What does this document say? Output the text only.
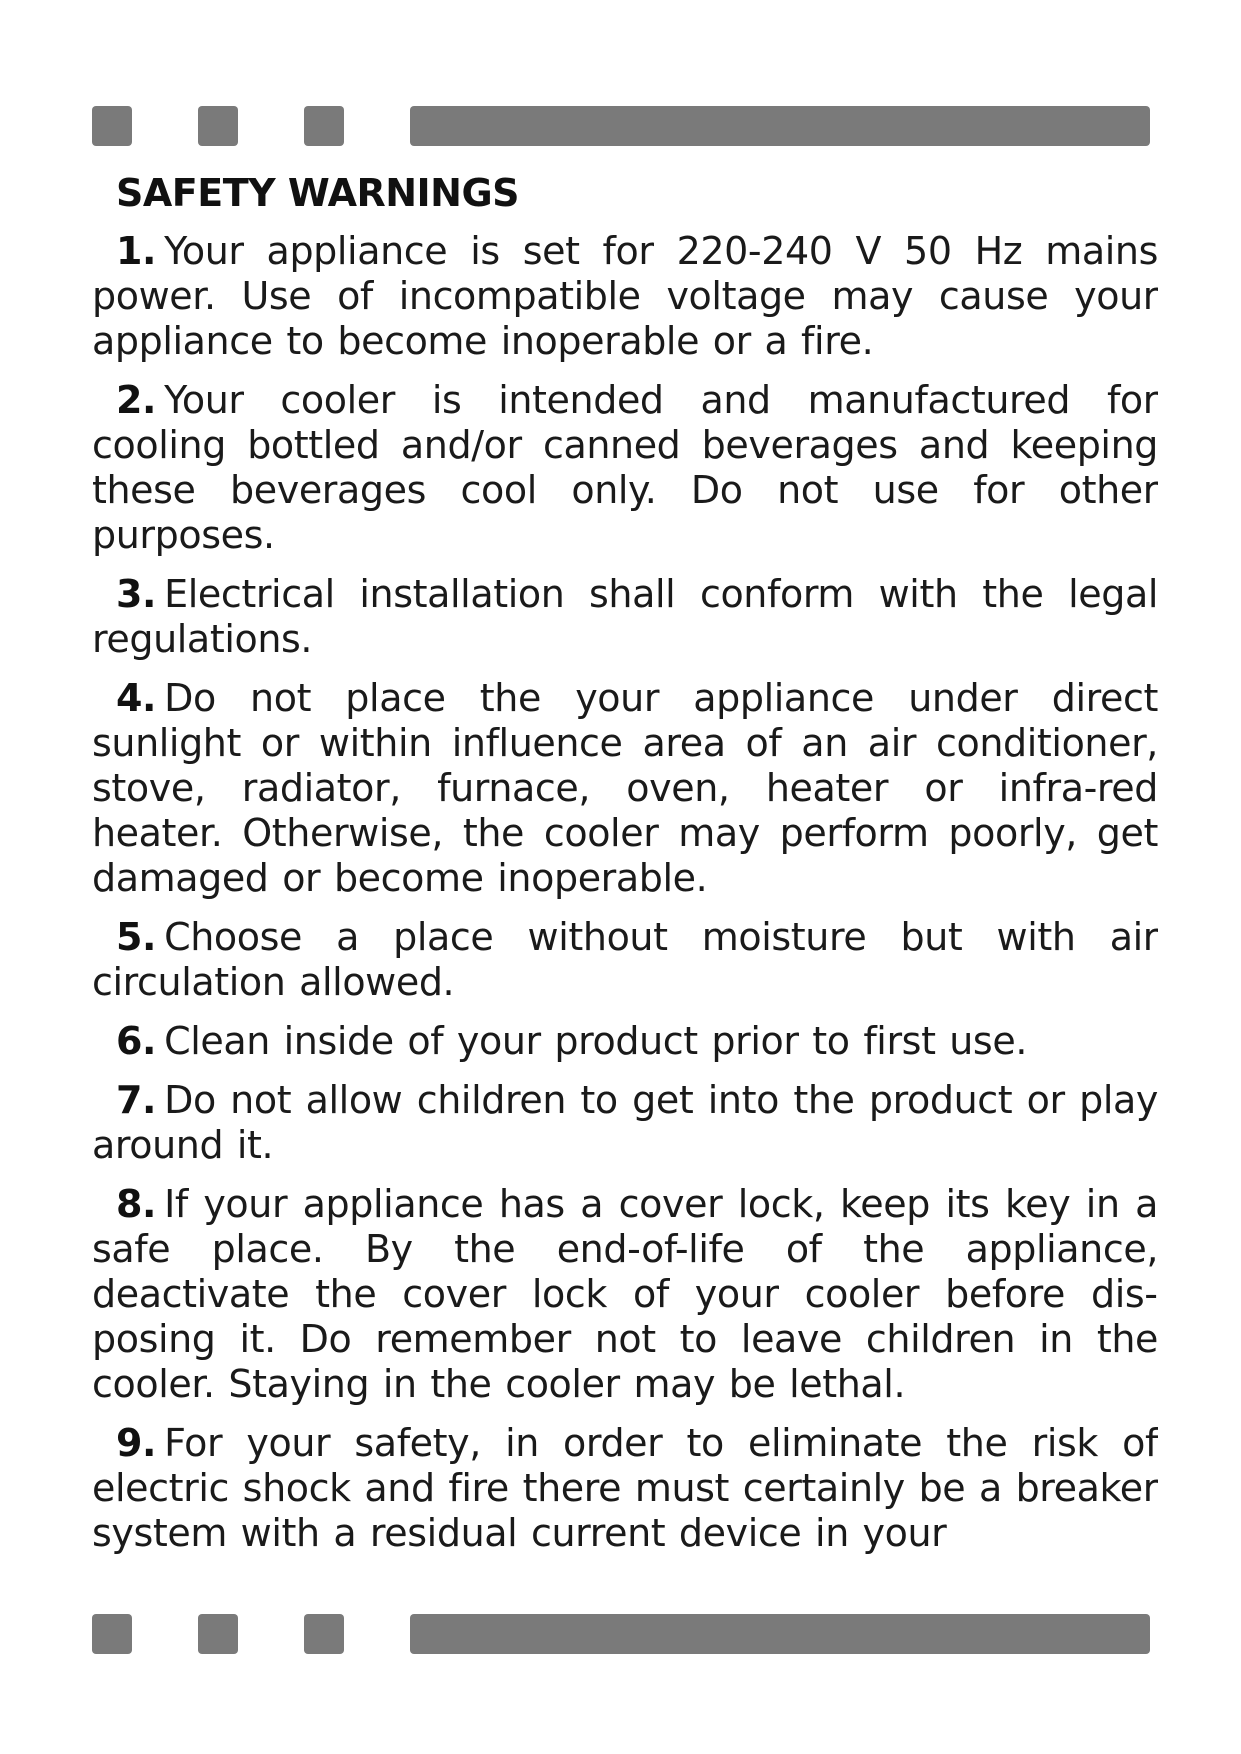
SAFETY WARNINGS

1. Your appliance is set for 220-240 V 50 Hz mains power. Use of incompatible voltage may cause your appliance to become inoperable or a fire.

2. Your cooler is intended and manufactured for cooling bottled and/or canned beverages and keeping these beverages cool only. Do not use for other purposes.

3. Electrical installation shall conform with the legal regulations.

4. Do not place the your appliance under direct sunlight or within influence area of an air conditioner, stove, radiator, furnace, oven, heater or infra-red heater. Otherwise, the cooler may perform poorly, get damaged or become inoperable.

5. Choose a place without moisture but with air circulation allowed.

6. Clean inside of your product prior to first use.

7. Do not allow children to get into the product or play around it.

8. If your appliance has a cover lock, keep its key in a safe place. By the end-of-life of the appliance, deactivate the cover lock of your cooler before disposing it. Do remember not to leave children in the cooler. Staying in the cooler may be lethal.

9. For your safety, in order to eliminate the risk of electric shock and fire there must certainly be a breaker system with a residual current device in your
